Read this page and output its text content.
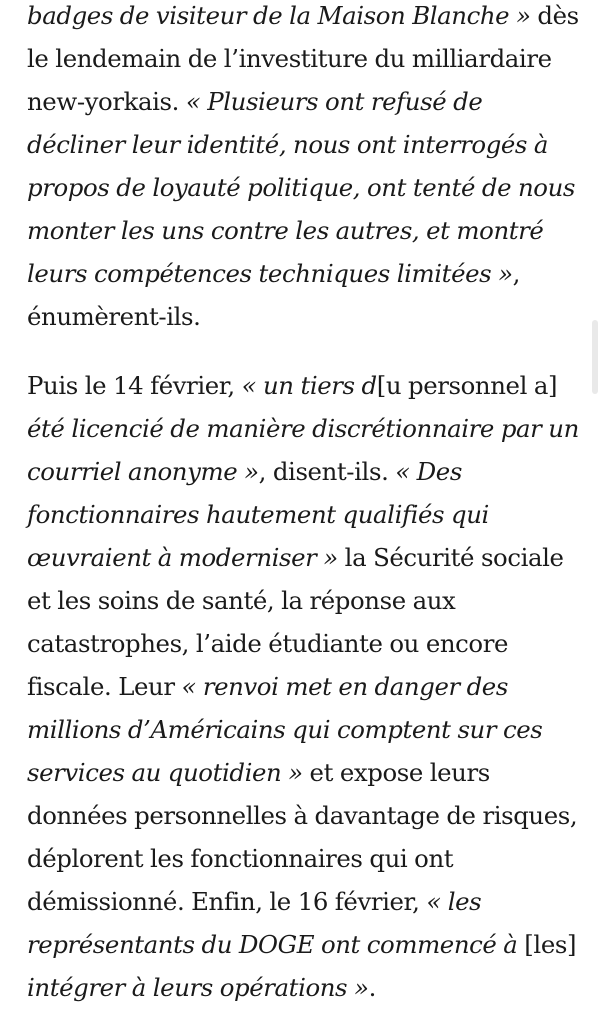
badges de visiteur de la Maison Blanche » dès le lendemain de l’investiture du milliardaire new-yorkais. « Plusieurs ont refusé de décliner leur identité, nous ont interrogés à propos de loyauté politique, ont tenté de nous monter les uns contre les autres, et montré leurs compétences techniques limitées », énumèrent-ils.

Puis le 14 février, « un tiers d[u personnel a] été licencié de manière discrétionnaire par un courriel anonyme », disent-ils. « Des fonctionnaires hautement qualifiés qui œuvraient à moderniser » la Sécurité sociale et les soins de santé, la réponse aux catastrophes, l’aide étudiante ou encore fiscale. Leur « renvoi met en danger des millions d’Américains qui comptent sur ces services au quotidien » et expose leurs données personnelles à davantage de risques, déplorent les fonctionnaires qui ont démissionné. Enfin, le 16 février, « les représentants du DOGE ont commencé à [les] intégrer à leurs opérations ».
